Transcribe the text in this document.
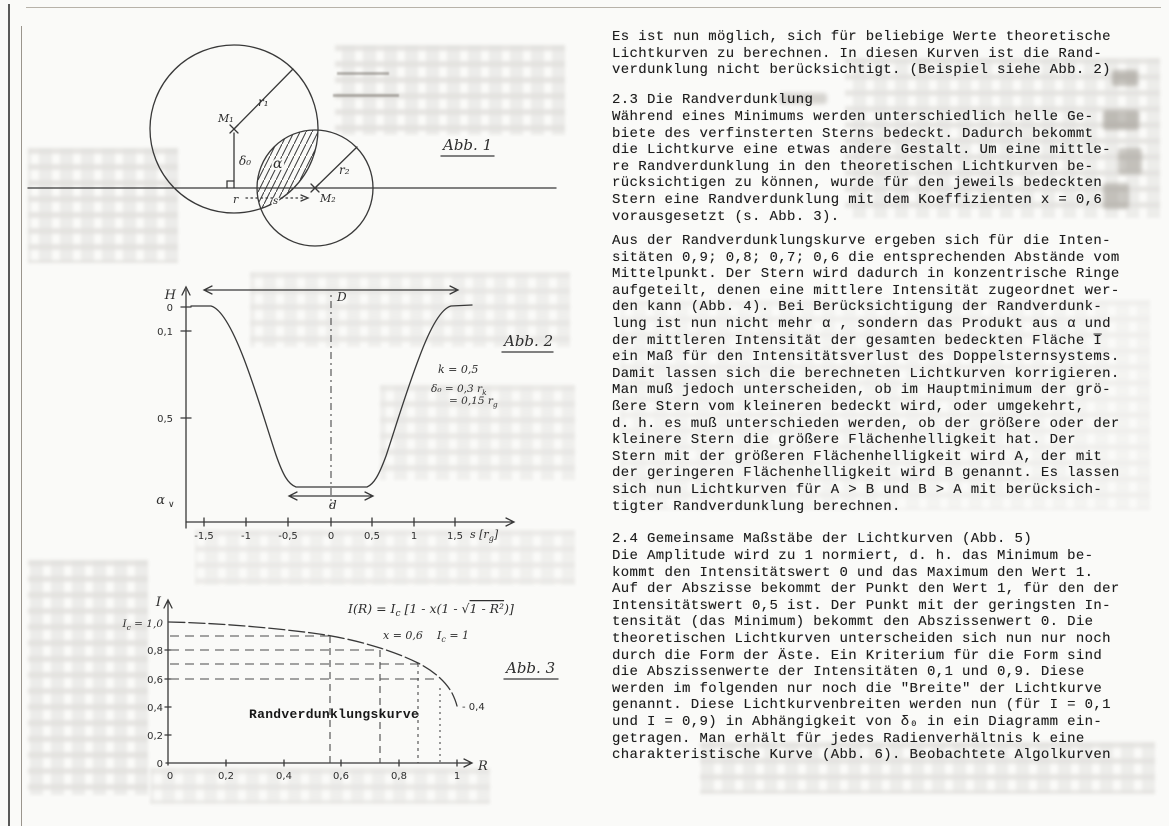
M₁
M₂
r₁
r₂
δ₀ α
r	s
Abb. 1
0
0,1
0,5
H
α ∨
-1,5	-1	-0,5	0	0,5	1	1,5 s $[r_g]$
D
d
k = 0,5
δ₀ = 0,3 $r_k$
= 0,15 $r_g$
Abb. 2
I
R
$I_c = 1,0$
0,8
0,6
0,4
0,2
0
0	0,2	0,4	0,6	0,8	1
- 0,4
$I(R) = I_c$ [1 - x(1 - √1 - R²)]
x = 0,6 $I_c = 1$
Randverdunklungskurve
Abb. 3

Es ist nun möglich, sich für beliebige Werte theoretische
Lichtkurven zu berechnen. In diesen Kurven ist die Rand-
verdunklung nicht berücksichtigt. (Beispiel siehe Abb. 2)

2.3 Die Randverdunklung

Während eines Minimums werden unterschiedlich helle Ge-
biete des verfinsterten Sterns bedeckt. Dadurch bekommt
die Lichtkurve eine etwas andere Gestalt. Um eine mittle-
re Randverdunklung in den theoretischen Lichtkurven be-
rücksichtigen zu können, wurde für den jeweils bedeckten
Stern eine Randverdunklung mit dem Koeffizienten x = 0,6
vorausgesetzt (s. Abb. 3).

Aus der Randverdunklungskurve ergeben sich für die Inten-
sitäten 0,9; 0,8; 0,7; 0,6 die entsprechenden Abstände vom
Mittelpunkt. Der Stern wird dadurch in konzentrische Ringe
aufgeteilt, denen eine mittlere Intensität zugeordnet wer-
den kann (Abb. 4). Bei Berücksichtigung der Randverdunk-
lung ist nun nicht mehr α , sondern das Produkt aus α und
der mittleren Intensität der gesamten bedeckten Fläche I̅
ein Maß für den Intensitätsverlust des Doppelsternsystems.
Damit lassen sich die berechneten Lichtkurven korrigieren.
Man muß jedoch unterscheiden, ob im Hauptminimum der grö-
ßere Stern vom kleineren bedeckt wird, oder umgekehrt,
d. h. es muß unterschieden werden, ob der größere oder der
kleinere Stern die größere Flächenhelligkeit hat. Der
Stern mit der größeren Flächenhelligkeit wird A, der mit
der geringeren Flächenhelligkeit wird B genannt. Es lassen
sich nun Lichtkurven für A > B und B > A mit berücksich-
tigter Randverdunklung berechnen.

2.4 Gemeinsame Maßstäbe der Lichtkurven (Abb. 5)

Die Amplitude wird zu 1 normiert, d. h. das Minimum be-
kommt den Intensitätswert 0 und das Maximum den Wert 1.
Auf der Abszisse bekommt der Punkt den Wert 1, für den der
Intensitätswert 0,5 ist. Der Punkt mit der geringsten In-
tensität (das Minimum) bekommt den Abszissenwert 0. Die
theoretischen Lichtkurven unterscheiden sich nun nur noch
durch die Form der Äste. Ein Kriterium für die Form sind
die Abszissenwerte der Intensitäten 0,1 und 0,9. Diese
werden im folgenden nur noch die "Breite" der Lichtkurve
genannt. Diese Lichtkurvenbreiten werden nun (für I = 0,1
und I = 0,9) in Abhängigkeit von δ₀ in ein Diagramm ein-
getragen. Man erhält für jedes Radienverhältnis k eine
charakteristische Kurve (Abb. 6). Beobachtete Algolkurven
